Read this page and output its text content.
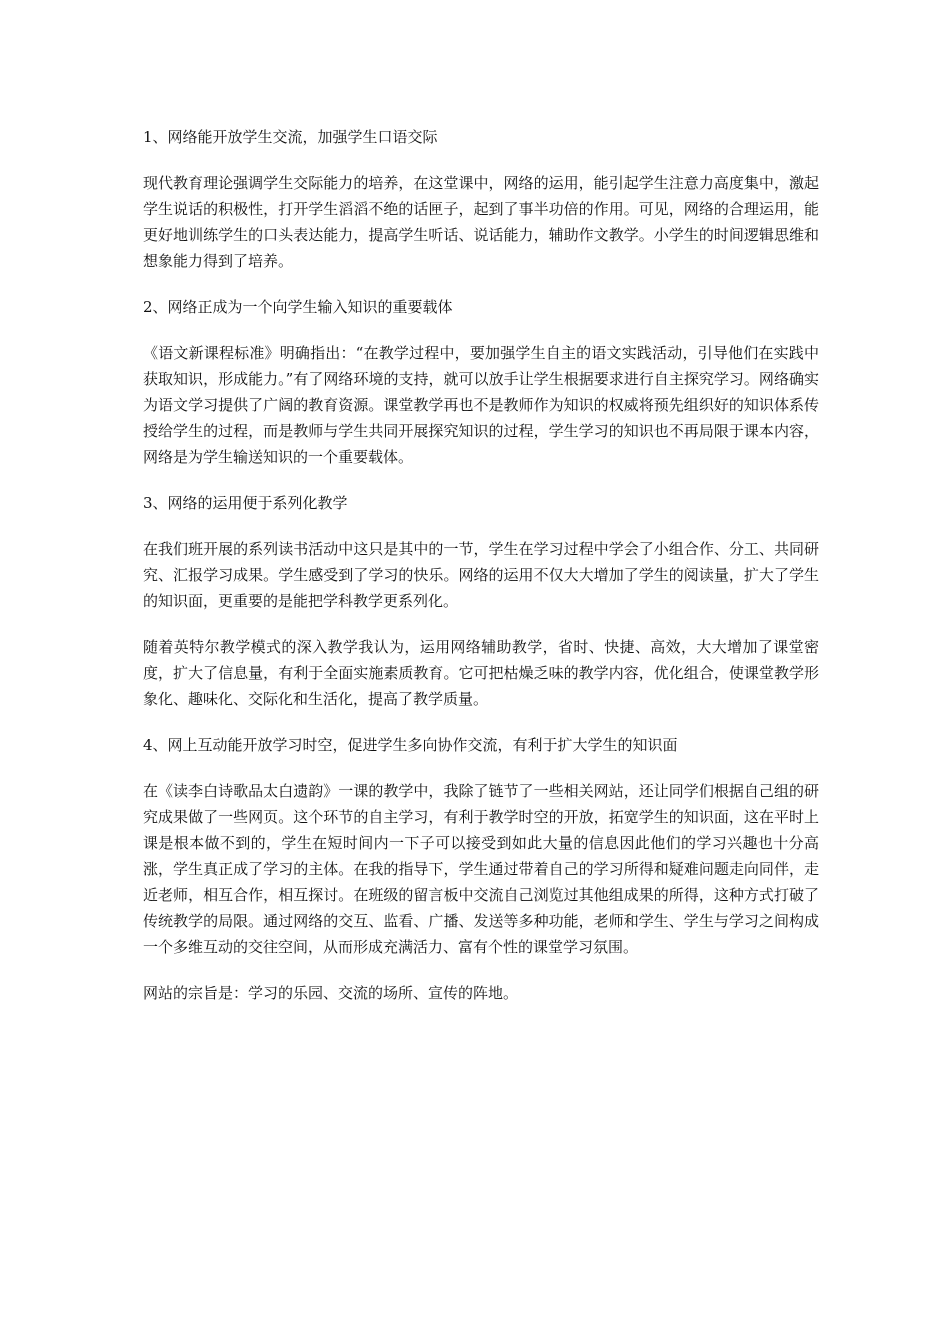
1、网络能开放学生交流，加强学生口语交际

现代教育理论强调学生交际能力的培养，在这堂课中，网络的运用，能引起学生注意力高度集中，激起学生说话的积极性，打开学生滔滔不绝的话匣子，起到了事半功倍的作用。可见，网络的合理运用，能更好地训练学生的口头表达能力，提高学生听话、说话能力，辅助作文教学。小学生的时间逻辑思维和想象能力得到了培养。

2、网络正成为一个向学生输入知识的重要载体

《语文新课程标准》明确指出：“在教学过程中，要加强学生自主的语文实践活动，引导他们在实践中获取知识，形成能力。”有了网络环境的支持，就可以放手让学生根据要求进行自主探究学习。网络确实为语文学习提供了广阔的教育资源。课堂教学再也不是教师作为知识的权威将预先组织好的知识体系传授给学生的过程，而是教师与学生共同开展探究知识的过程，学生学习的知识也不再局限于课本内容，网络是为学生输送知识的一个重要载体。

3、网络的运用便于系列化教学

在我们班开展的系列读书活动中这只是其中的一节，学生在学习过程中学会了小组合作、分工、共同研究、汇报学习成果。学生感受到了学习的快乐。网络的运用不仅大大增加了学生的阅读量，扩大了学生的知识面，更重要的是能把学科教学更系列化。

随着英特尔教学模式的深入教学我认为，运用网络辅助教学，省时、快捷、高效，大大增加了课堂密度，扩大了信息量，有利于全面实施素质教育。它可把枯燥乏味的教学内容，优化组合，使课堂教学形象化、趣味化、交际化和生活化，提高了教学质量。

4、网上互动能开放学习时空，促进学生多向协作交流，有利于扩大学生的知识面

在《读李白诗歌品太白遗韵》一课的教学中，我除了链节了一些相关网站，还让同学们根据自己组的研究成果做了一些网页。这个环节的自主学习，有利于教学时空的开放，拓宽学生的知识面，这在平时上课是根本做不到的，学生在短时间内一下子可以接受到如此大量的信息因此他们的学习兴趣也十分高涨，学生真正成了学习的主体。在我的指导下，学生通过带着自己的学习所得和疑难问题走向同伴，走近老师，相互合作，相互探讨。在班级的留言板中交流自己浏览过其他组成果的所得，这种方式打破了传统教学的局限。通过网络的交互、监看、广播、发送等多种功能，老师和学生、学生与学习之间构成一个多维互动的交往空间，从而形成充满活力、富有个性的课堂学习氛围。

网站的宗旨是：学习的乐园、交流的场所、宣传的阵地。
